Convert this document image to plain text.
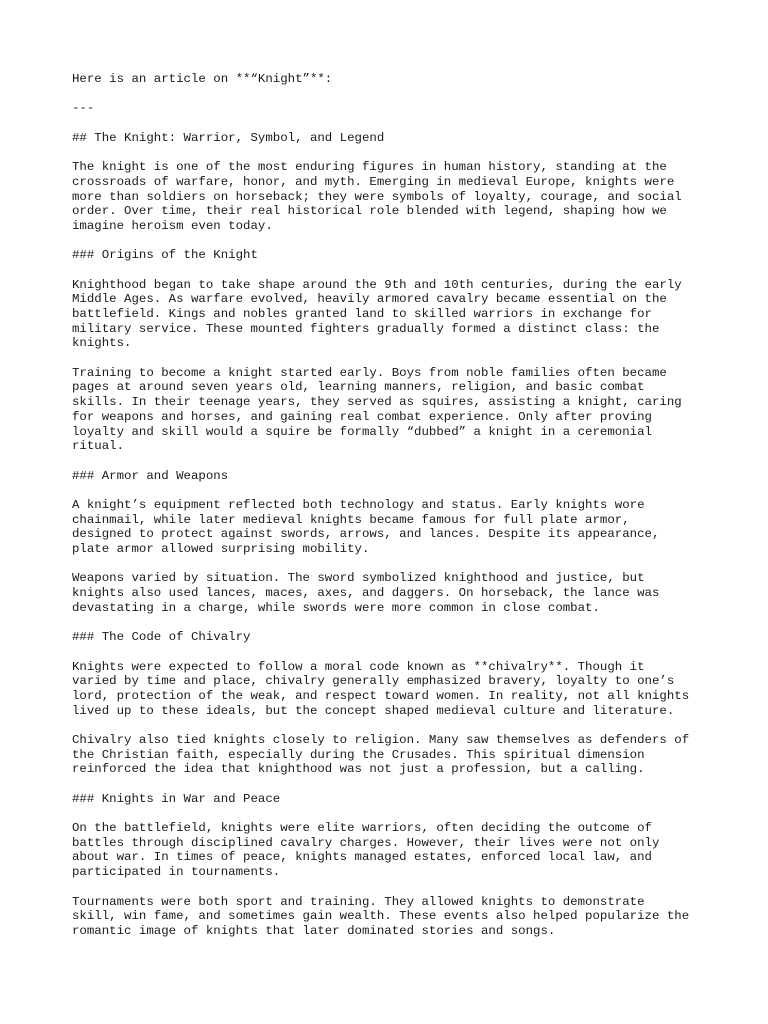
Here is an article on **“Knight”**:
---
## The Knight: Warrior, Symbol, and Legend
The knight is one of the most enduring figures in human history, standing at the
crossroads of warfare, honor, and myth. Emerging in medieval Europe, knights were
more than soldiers on horseback; they were symbols of loyalty, courage, and social
order. Over time, their real historical role blended with legend, shaping how we
imagine heroism even today.
### Origins of the Knight
Knighthood began to take shape around the 9th and 10th centuries, during the early
Middle Ages. As warfare evolved, heavily armored cavalry became essential on the
battlefield. Kings and nobles granted land to skilled warriors in exchange for
military service. These mounted fighters gradually formed a distinct class: the
knights.
Training to become a knight started early. Boys from noble families often became
pages at around seven years old, learning manners, religion, and basic combat
skills. In their teenage years, they served as squires, assisting a knight, caring
for weapons and horses, and gaining real combat experience. Only after proving
loyalty and skill would a squire be formally “dubbed” a knight in a ceremonial
ritual.
### Armor and Weapons
A knight’s equipment reflected both technology and status. Early knights wore
chainmail, while later medieval knights became famous for full plate armor,
designed to protect against swords, arrows, and lances. Despite its appearance,
plate armor allowed surprising mobility.
Weapons varied by situation. The sword symbolized knighthood and justice, but
knights also used lances, maces, axes, and daggers. On horseback, the lance was
devastating in a charge, while swords were more common in close combat.
### The Code of Chivalry
Knights were expected to follow a moral code known as **chivalry**. Though it
varied by time and place, chivalry generally emphasized bravery, loyalty to one’s
lord, protection of the weak, and respect toward women. In reality, not all knights
lived up to these ideals, but the concept shaped medieval culture and literature.
Chivalry also tied knights closely to religion. Many saw themselves as defenders of
the Christian faith, especially during the Crusades. This spiritual dimension
reinforced the idea that knighthood was not just a profession, but a calling.
### Knights in War and Peace
On the battlefield, knights were elite warriors, often deciding the outcome of
battles through disciplined cavalry charges. However, their lives were not only
about war. In times of peace, knights managed estates, enforced local law, and
participated in tournaments.
Tournaments were both sport and training. They allowed knights to demonstrate
skill, win fame, and sometimes gain wealth. These events also helped popularize the
romantic image of knights that later dominated stories and songs.
